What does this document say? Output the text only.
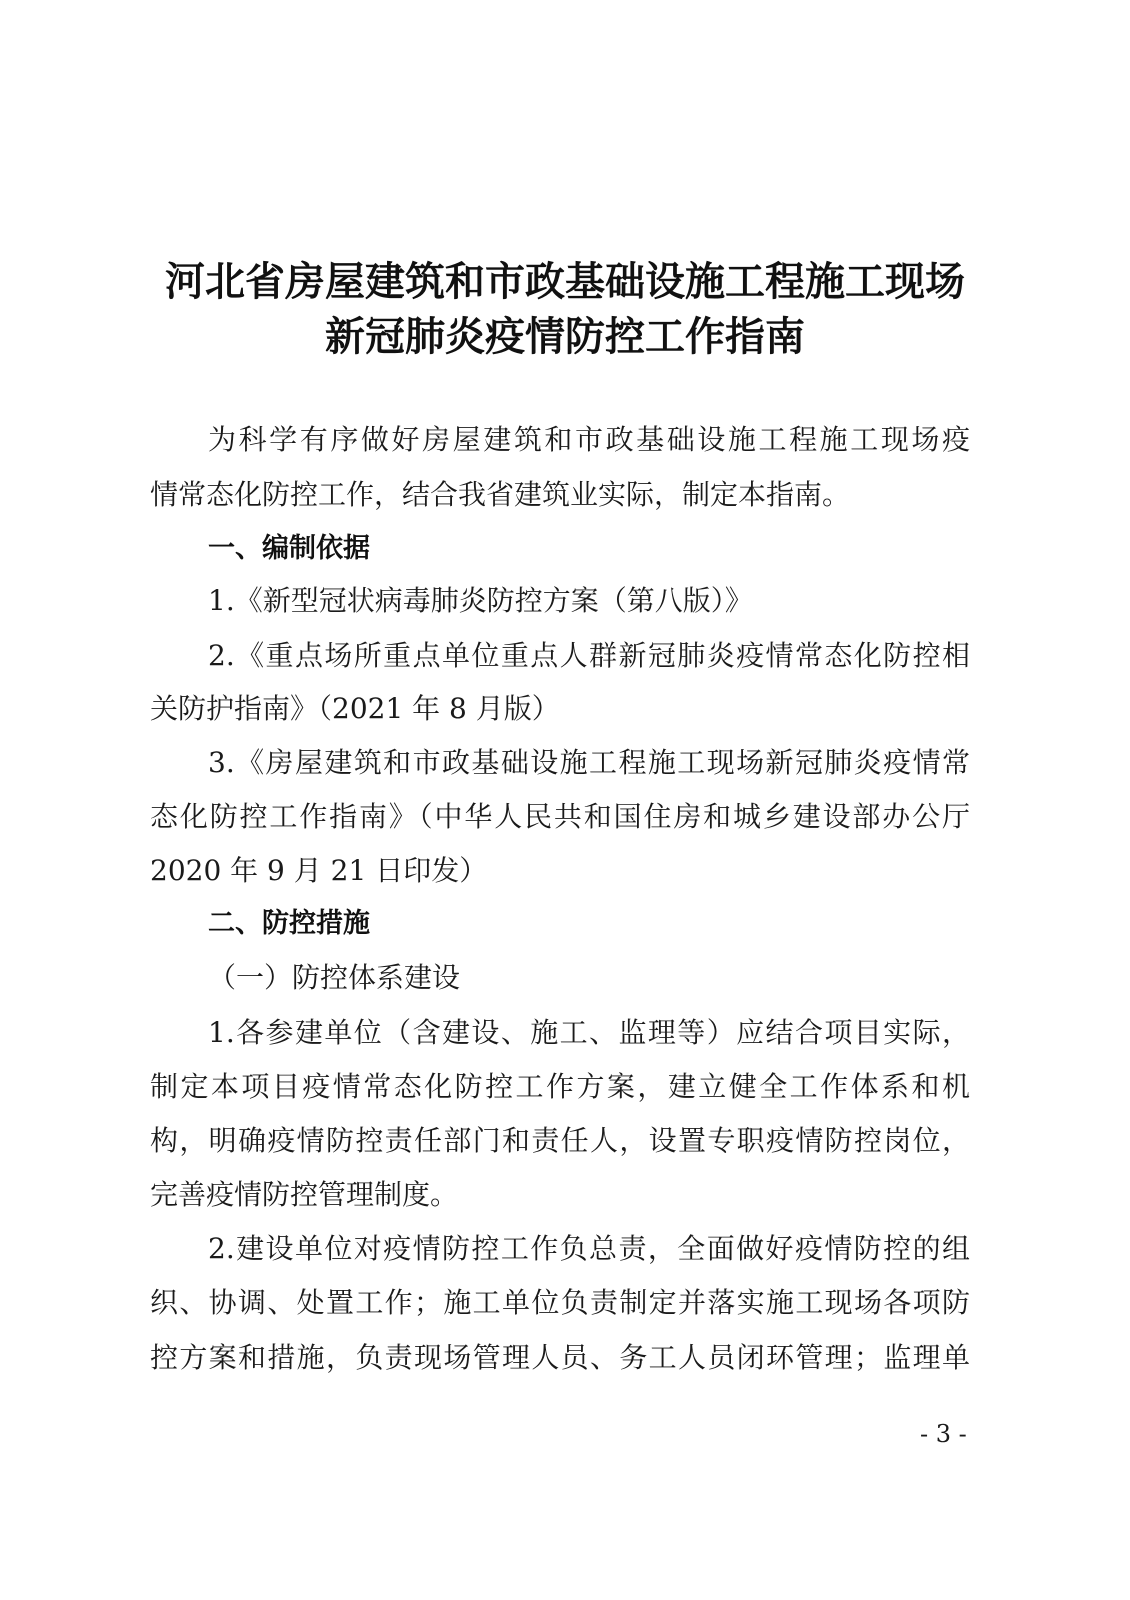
河北省房屋建筑和市政基础设施工程施工现场
新冠肺炎疫情防控工作指南
为科学有序做好房屋建筑和市政基础设施工程施工现场疫
情常态化防控工作，结合我省建筑业实际，制定本指南。
一、编制依据
1.《新型冠状病毒肺炎防控方案（第八版）》
2.《重点场所重点单位重点人群新冠肺炎疫情常态化防控相
关防护指南》（2021 年 8 月版）
3.《房屋建筑和市政基础设施工程施工现场新冠肺炎疫情常
态化防控工作指南》（中华人民共和国住房和城乡建设部办公厅
2020 年 9 月 21 日印发）
二、防控措施
（一）防控体系建设
1.各参建单位（含建设、施工、监理等）应结合项目实际，
制定本项目疫情常态化防控工作方案，建立健全工作体系和机
构，明确疫情防控责任部门和责任人，设置专职疫情防控岗位，
完善疫情防控管理制度。
2.建设单位对疫情防控工作负总责，全面做好疫情防控的组
织、协调、处置工作；施工单位负责制定并落实施工现场各项防
控方案和措施，负责现场管理人员、务工人员闭环管理；监理单
- 3 -
